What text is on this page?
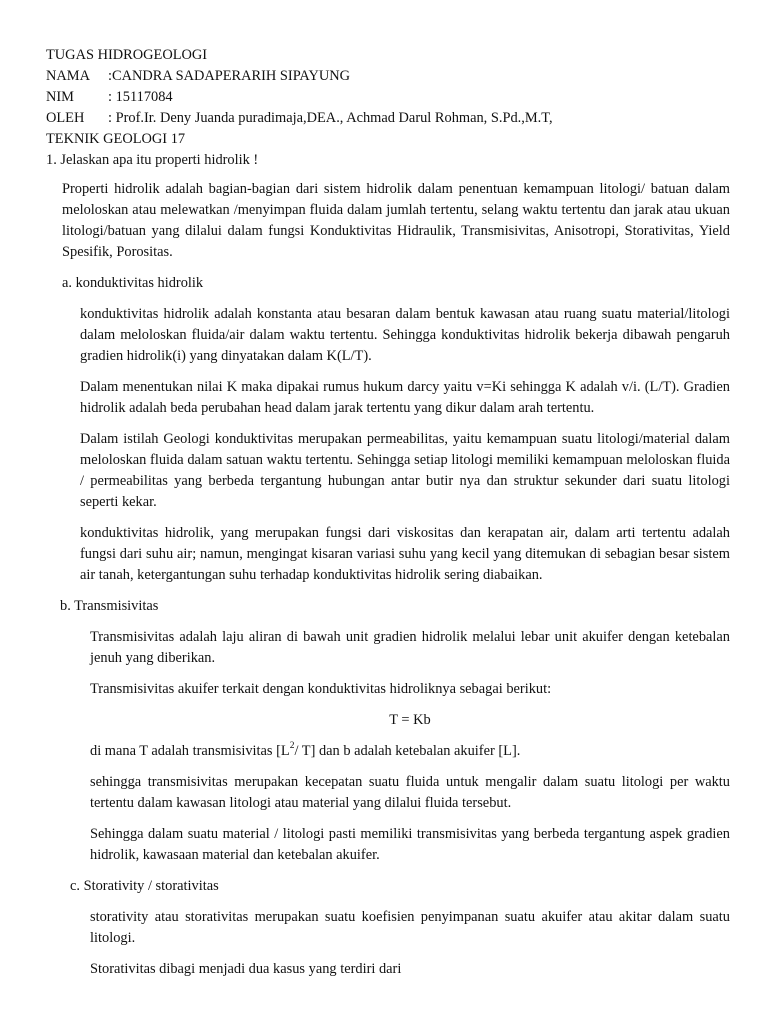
TUGAS HIDROGEOLOGI
NAMA :CANDRA SADAPERARIH SIPAYUNG
NIM : 15117084
OLEH : Prof.Ir. Deny Juanda puradimaja,DEA., Achmad Darul Rohman, S.Pd.,M.T,
TEKNIK GEOLOGI 17
1. Jelaskan apa itu properti hidrolik !

Properti hidrolik adalah bagian-bagian dari sistem hidrolik dalam penentuan kemampuan litologi/ batuan dalam meloloskan atau melewatkan /menyimpan fluida dalam jumlah tertentu, selang waktu tertentu dan jarak atau ukuan litologi/batuan yang dilalui dalam fungsi Konduktivitas Hidraulik, Transmisivitas, Anisotropi, Storativitas, Yield Spesifik, Porositas.

a. konduktivitas hidrolik

konduktivitas hidrolik adalah konstanta atau besaran dalam bentuk kawasan atau ruang suatu material/litologi dalam meloloskan fluida/air dalam waktu tertentu. Sehingga konduktivitas hidrolik bekerja dibawah pengaruh gradien hidrolik(i) yang dinyatakan dalam K(L/T).

Dalam menentukan nilai K maka dipakai rumus hukum darcy yaitu v=Ki sehingga K adalah v/i. (L/T). Gradien hidrolik adalah beda perubahan head dalam jarak tertentu yang dikur dalam arah tertentu.

Dalam istilah Geologi konduktivitas merupakan permeabilitas, yaitu kemampuan suatu litologi/material dalam meloloskan fluida dalam satuan waktu tertentu. Sehingga setiap litologi memiliki kemampuan meloloskan fluida / permeabilitas yang berbeda tergantung hubungan antar butir nya dan struktur sekunder dari suatu litologi seperti kekar.

konduktivitas hidrolik, yang merupakan fungsi dari viskositas dan kerapatan air, dalam arti tertentu adalah fungsi dari suhu air; namun, mengingat kisaran variasi suhu yang kecil yang ditemukan di sebagian besar sistem air tanah, ketergantungan suhu terhadap konduktivitas hidrolik sering diabaikan.

b. Transmisivitas

Transmisivitas adalah laju aliran di bawah unit gradien hidrolik melalui lebar unit akuifer dengan ketebalan jenuh yang diberikan.

Transmisivitas akuifer terkait dengan konduktivitas hidroliknya sebagai berikut:

T = Kb

di mana T adalah transmisivitas [$L^2/$ T] dan b adalah ketebalan akuifer [L].

sehingga transmisivitas merupakan kecepatan suatu fluida untuk mengalir dalam suatu litologi per waktu tertentu dalam kawasan litologi atau material yang dilalui fluida tersebut.

Sehingga dalam suatu material / litologi pasti memiliki transmisivitas yang berbeda tergantung aspek gradien hidrolik, kawasaan material dan ketebalan akuifer.

c. Storativity / storativitas

storativity atau storativitas merupakan suatu koefisien penyimpanan suatu akuifer atau akitar dalam suatu litologi.

Storativitas dibagi menjadi dua kasus yang terdiri dari
